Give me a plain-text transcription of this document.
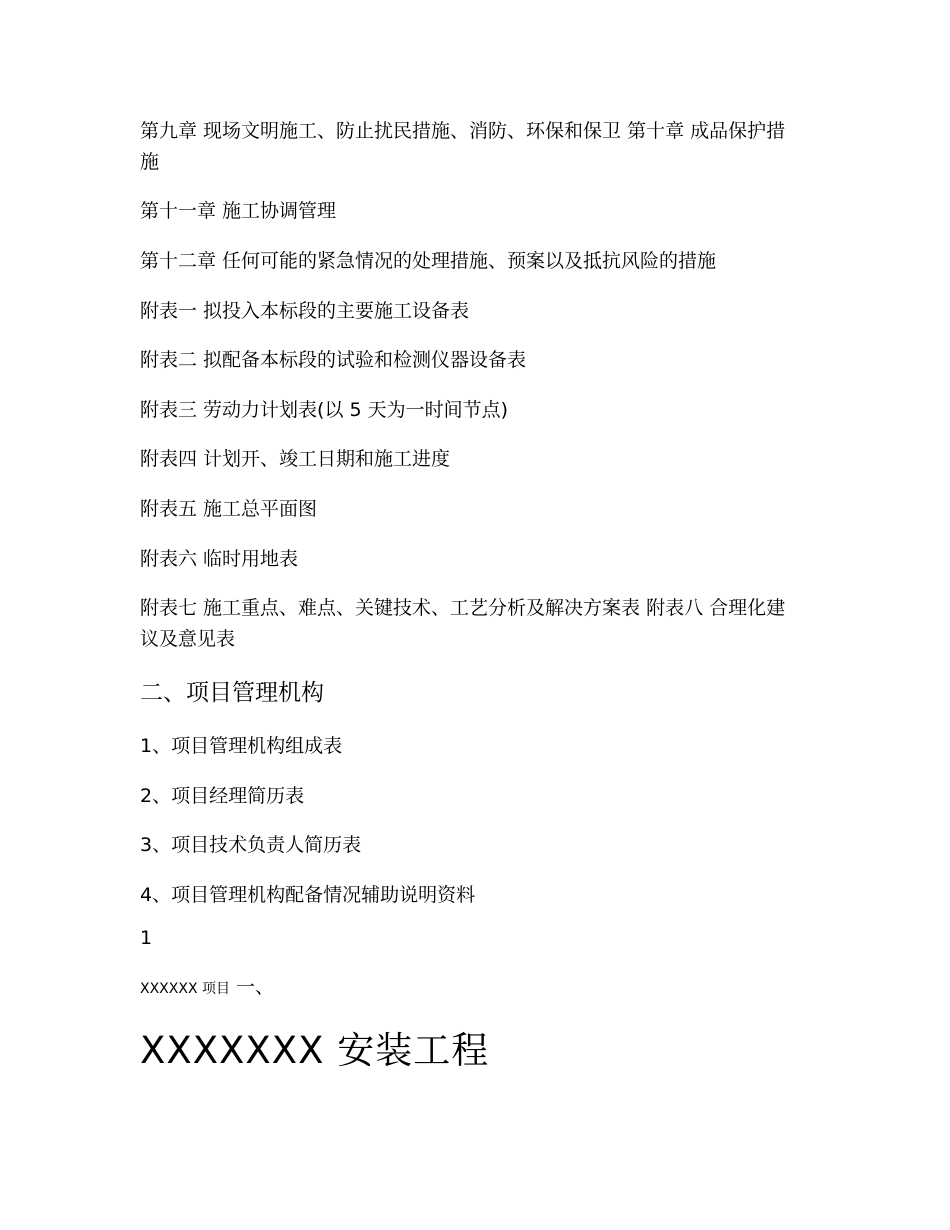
第九章 现场文明施工、防止扰民措施、消防、环保和保卫 第十章 成品保护措施

第十一章 施工协调管理

第十二章 任何可能的紧急情况的处理措施、预案以及抵抗风险的措施

附表一 拟投入本标段的主要施工设备表

附表二 拟配备本标段的试验和检测仪器设备表

附表三 劳动力计划表(以 5 天为一时间节点)

附表四 计划开、竣工日期和施工进度

附表五 施工总平面图

附表六 临时用地表

附表七 施工重点、难点、关键技术、工艺分析及解决方案表 附表八 合理化建议及意见表

二、项目管理机构

1、项目管理机构组成表

2、项目经理简历表

3、项目技术负责人简历表

4、项目管理机构配备情况辅助说明资料

1

XXXXXX 项目 一、

XXXXXXX 安装工程
